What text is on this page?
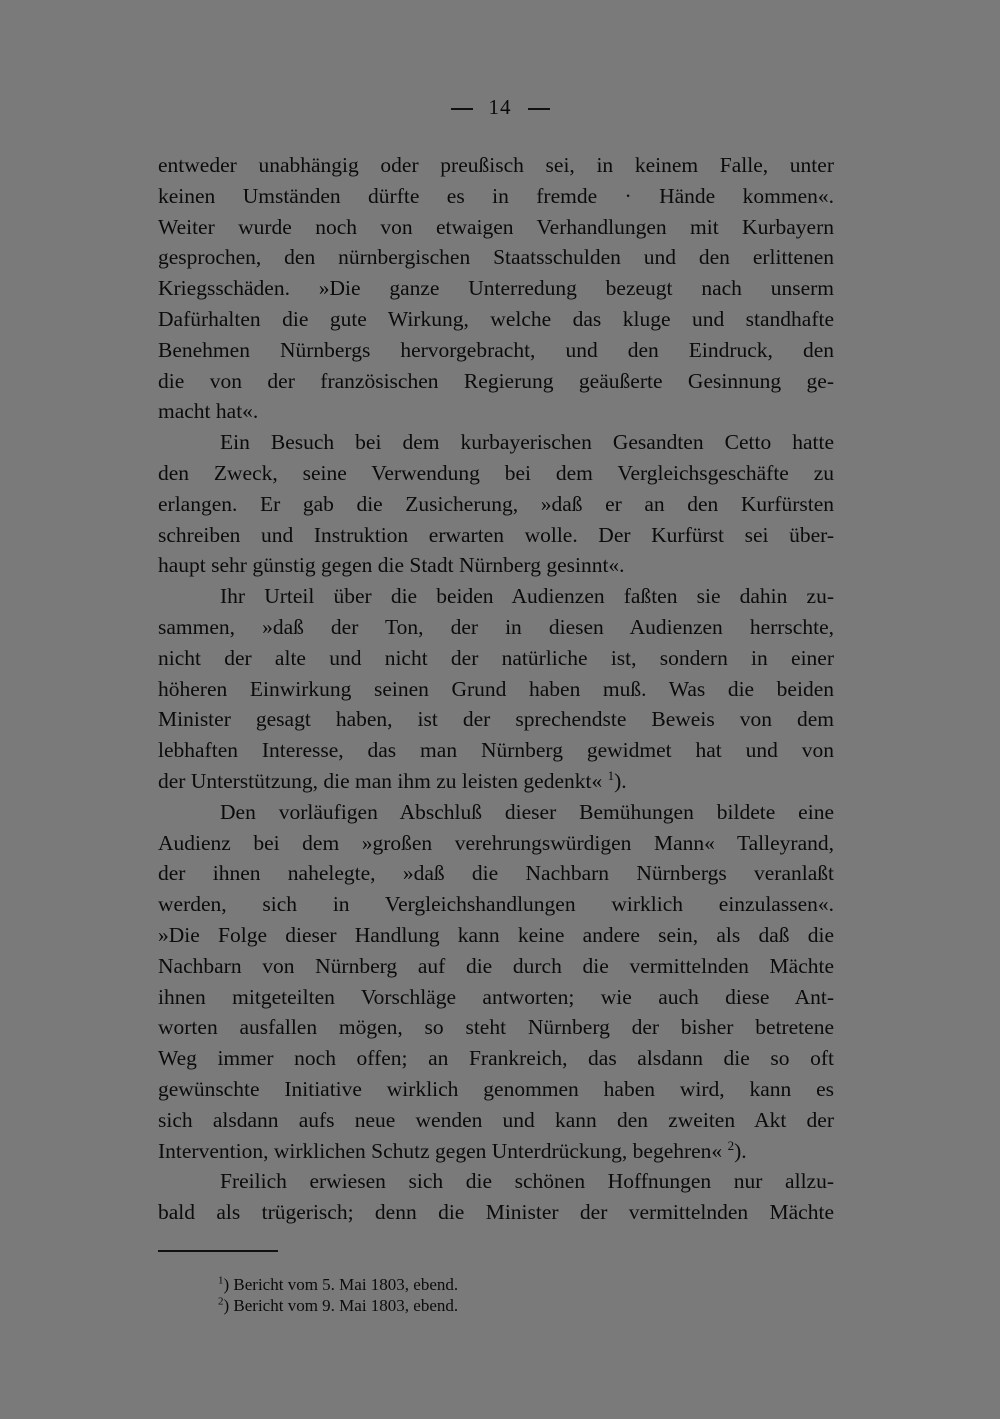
14
entweder unabhängig oder preußisch sei, in keinem Falle, unter
keinen Umständen dürfte es in fremde · Hände kommen«.
Weiter wurde noch von etwaigen Verhandlungen mit Kurbayern
gesprochen, den nürnbergischen Staatsschulden und den erlittenen
Kriegsschäden. »Die ganze Unterredung bezeugt nach unserm
Dafürhalten die gute Wirkung, welche das kluge und standhafte
Benehmen Nürnbergs hervorgebracht, und den Eindruck, den
die von der französischen Regierung geäußerte Gesinnung ge-
macht hat«.
Ein Besuch bei dem kurbayerischen Gesandten Cetto hatte
den Zweck, seine Verwendung bei dem Vergleichsgeschäfte zu
erlangen. Er gab die Zusicherung, »daß er an den Kurfürsten
schreiben und Instruktion erwarten wolle. Der Kurfürst sei über-
haupt sehr günstig gegen die Stadt Nürnberg gesinnt«.
Ihr Urteil über die beiden Audienzen faßten sie dahin zu-
sammen, »daß der Ton, der in diesen Audienzen herrschte,
nicht der alte und nicht der natürliche ist, sondern in einer
höheren Einwirkung seinen Grund haben muß. Was die beiden
Minister gesagt haben, ist der sprechendste Beweis von dem
lebhaften Interesse, das man Nürnberg gewidmet hat und von
der Unterstützung, die man ihm zu leisten gedenkt« $^1$).
Den vorläufigen Abschluß dieser Bemühungen bildete eine
Audienz bei dem »großen verehrungswürdigen Mann« Talleyrand,
der ihnen nahelegte, »daß die Nachbarn Nürnbergs veranlaßt
werden, sich in Vergleichshandlungen wirklich einzulassen«.
»Die Folge dieser Handlung kann keine andere sein, als daß die
Nachbarn von Nürnberg auf die durch die vermittelnden Mächte
ihnen mitgeteilten Vorschläge antworten; wie auch diese Ant-
worten ausfallen mögen, so steht Nürnberg der bisher betretene
Weg immer noch offen; an Frankreich, das alsdann die so oft
gewünschte Initiative wirklich genommen haben wird, kann es
sich alsdann aufs neue wenden und kann den zweiten Akt der
Intervention, wirklichen Schutz gegen Unterdrückung, begehren« $^2$).
Freilich erwiesen sich die schönen Hoffnungen nur allzu-
bald als trügerisch; denn die Minister der vermittelnden Mächte
$^1$) Bericht vom 5. Mai 1803, ebend.
$^2$) Bericht vom 9. Mai 1803, ebend.
